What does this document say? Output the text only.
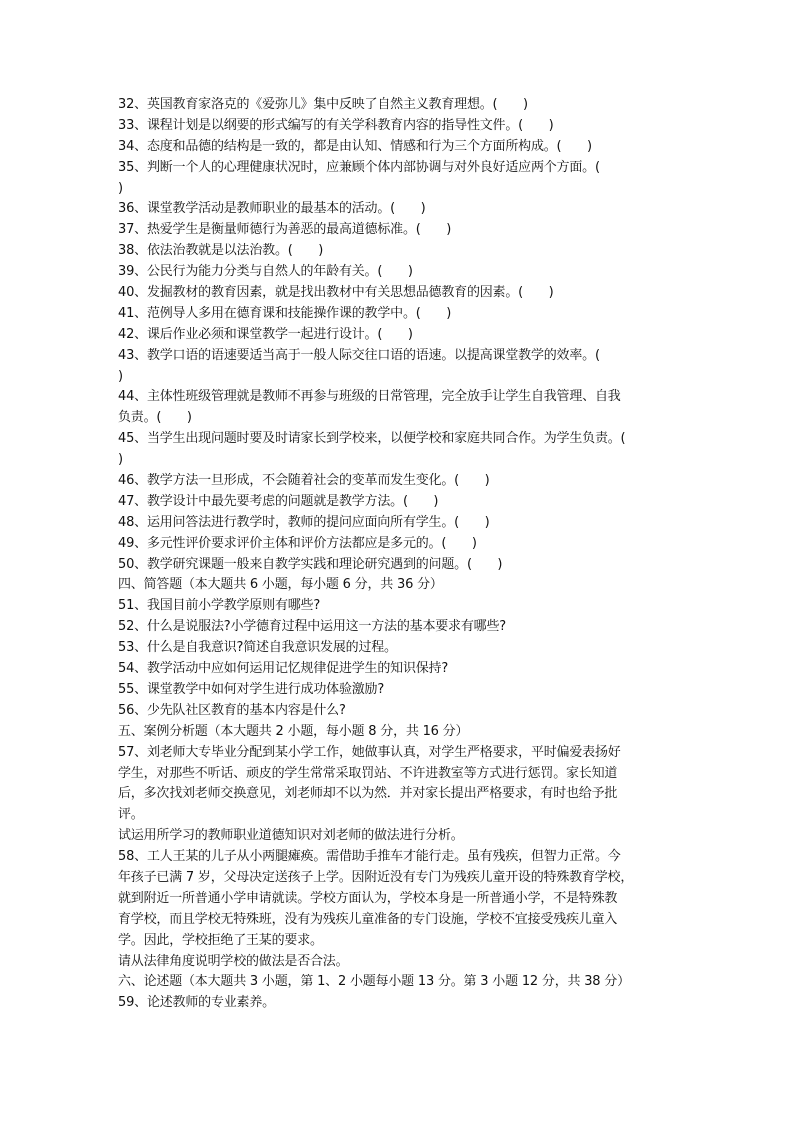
32、英国教育家洛克的《爱弥儿》集中反映了自然主义教育理想。(　　)
33、课程计划是以纲要的形式编写的有关学科教育内容的指导性文件。(　　)
34、态度和品德的结构是一致的，都是由认知、情感和行为三个方面所构成。(　　)
35、判断一个人的心理健康状况时，应兼顾个体内部协调与对外良好适应两个方面。(
)
36、课堂教学活动是教师职业的最基本的活动。(　　)
37、热爱学生是衡量师德行为善恶的最高道德标准。(　　)
38、依法治教就是以法治教。(　　)
39、公民行为能力分类与自然人的年龄有关。(　　)
40、发掘教材的教育因素，就是找出教材中有关思想品德教育的因素。(　　)
41、范例导人多用在德育课和技能操作课的教学中。(　　)
42、课后作业必须和课堂教学一起进行设计。(　　)
43、教学口语的语速要适当高于一般人际交往口语的语速。以提高课堂教学的效率。(
)
44、主体性班级管理就是教师不再参与班级的日常管理，完全放手让学生自我管理、自我
负责。(　　)
45、当学生出现问题时要及时请家长到学校来，以便学校和家庭共同合作。为学生负责。(
)
46、教学方法一旦形成，不会随着社会的变革而发生变化。(　　)
47、教学设计中最先要考虑的问题就是教学方法。(　　)
48、运用问答法进行教学时，教师的提问应面向所有学生。(　　)
49、多元性评价要求评价主体和评价方法都应是多元的。(　　)
50、教学研究课题一般来自教学实践和理论研究遇到的问题。(　　)
四、简答题（本大题共 6 小题，每小题 6 分，共 36 分）
51、我国目前小学教学原则有哪些?
52、什么是说服法?小学德育过程中运用这一方法的基本要求有哪些?
53、什么是自我意识?简述自我意识发展的过程。
54、教学活动中应如何运用记忆规律促进学生的知识保持?
55、课堂教学中如何对学生进行成功体验激励?
56、少先队社区教育的基本内容是什么?
五、案例分析题（本大题共 2 小题，每小题 8 分，共 16 分）
57、刘老师大专毕业分配到某小学工作，她做事认真，对学生严格要求，平时偏爱表扬好
学生，对那些不听话、顽皮的学生常常采取罚站、不许进教室等方式进行惩罚。家长知道
后，多次找刘老师交换意见，刘老师却不以为然．并对家长提出严格要求，有时也给予批
评。
试运用所学习的教师职业道德知识对刘老师的做法进行分析。
58、工人王某的儿子从小两腿瘫痪。需借助手推车才能行走。虽有残疾，但智力正常。今
年孩子已满 7 岁，父母决定送孩子上学。因附近没有专门为残疾儿童开设的特殊教育学校，
就到附近一所普通小学申请就读。学校方面认为，学校本身是一所普通小学，不是特殊教
育学校，而且学校无特殊班，没有为残疾儿童准备的专门设施，学校不宜接受残疾儿童入
学。因此，学校拒绝了王某的要求。
请从法律角度说明学校的做法是否合法。
六、论述题（本大题共 3 小题，第 1、2 小题每小题 13 分。第 3 小题 12 分，共 38 分）
59、论述教师的专业素养。
